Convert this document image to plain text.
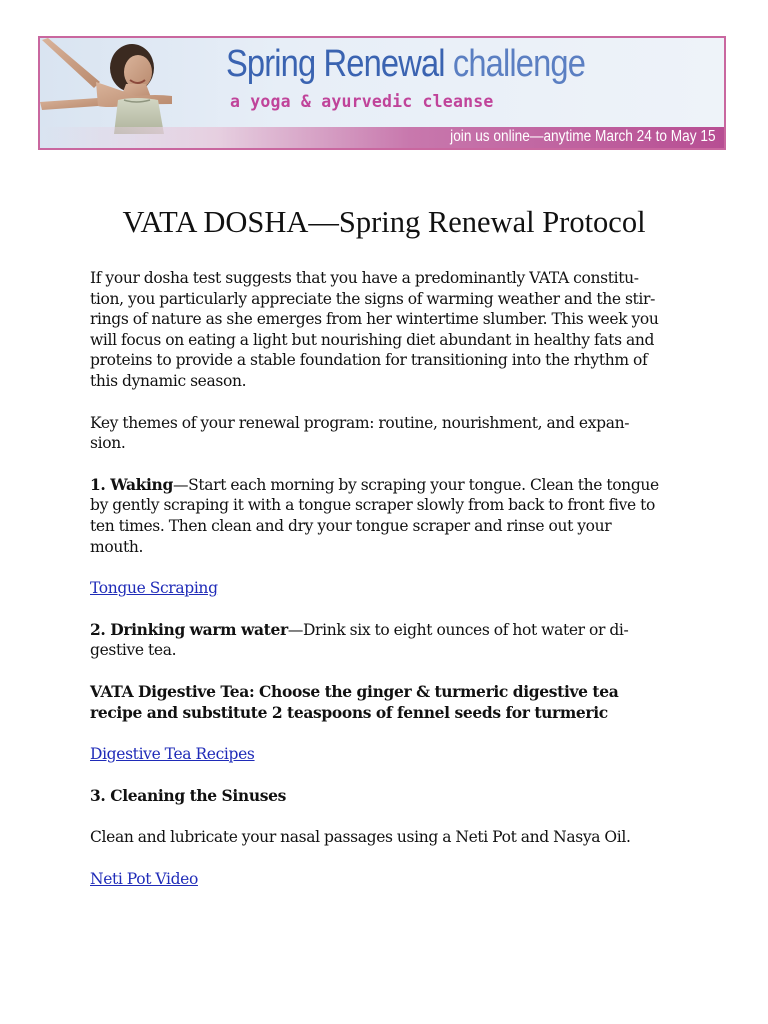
Spring Renewal challenge
a yoga & ayurvedic cleanse
join us online—anytime March 24 to May 15
VATA DOSHA—Spring Renewal Protocol

If your dosha test suggests that you have a predominantly VATA constitu-
tion, you particularly appreciate the signs of warming weather and the stir-
rings of nature as she emerges from her wintertime slumber. This week you
will focus on eating a light but nourishing diet abundant in healthy fats and
proteins to provide a stable foundation for transitioning into the rhythm of
this dynamic season.

Key themes of your renewal program: routine, nourishment, and expan-
sion.

1. Waking—Start each morning by scraping your tongue. Clean the tongue
by gently scraping it with a tongue scraper slowly from back to front five to
ten times. Then clean and dry your tongue scraper and rinse out your
mouth.

Tongue Scraping

2. Drinking warm water—Drink six to eight ounces of hot water or di-
gestive tea.

VATA Digestive Tea: Choose the ginger & turmeric digestive tea
recipe and substitute 2 teaspoons of fennel seeds for turmeric

Digestive Tea Recipes

3. Cleaning the Sinuses

Clean and lubricate your nasal passages using a Neti Pot and Nasya Oil.

Neti Pot Video
